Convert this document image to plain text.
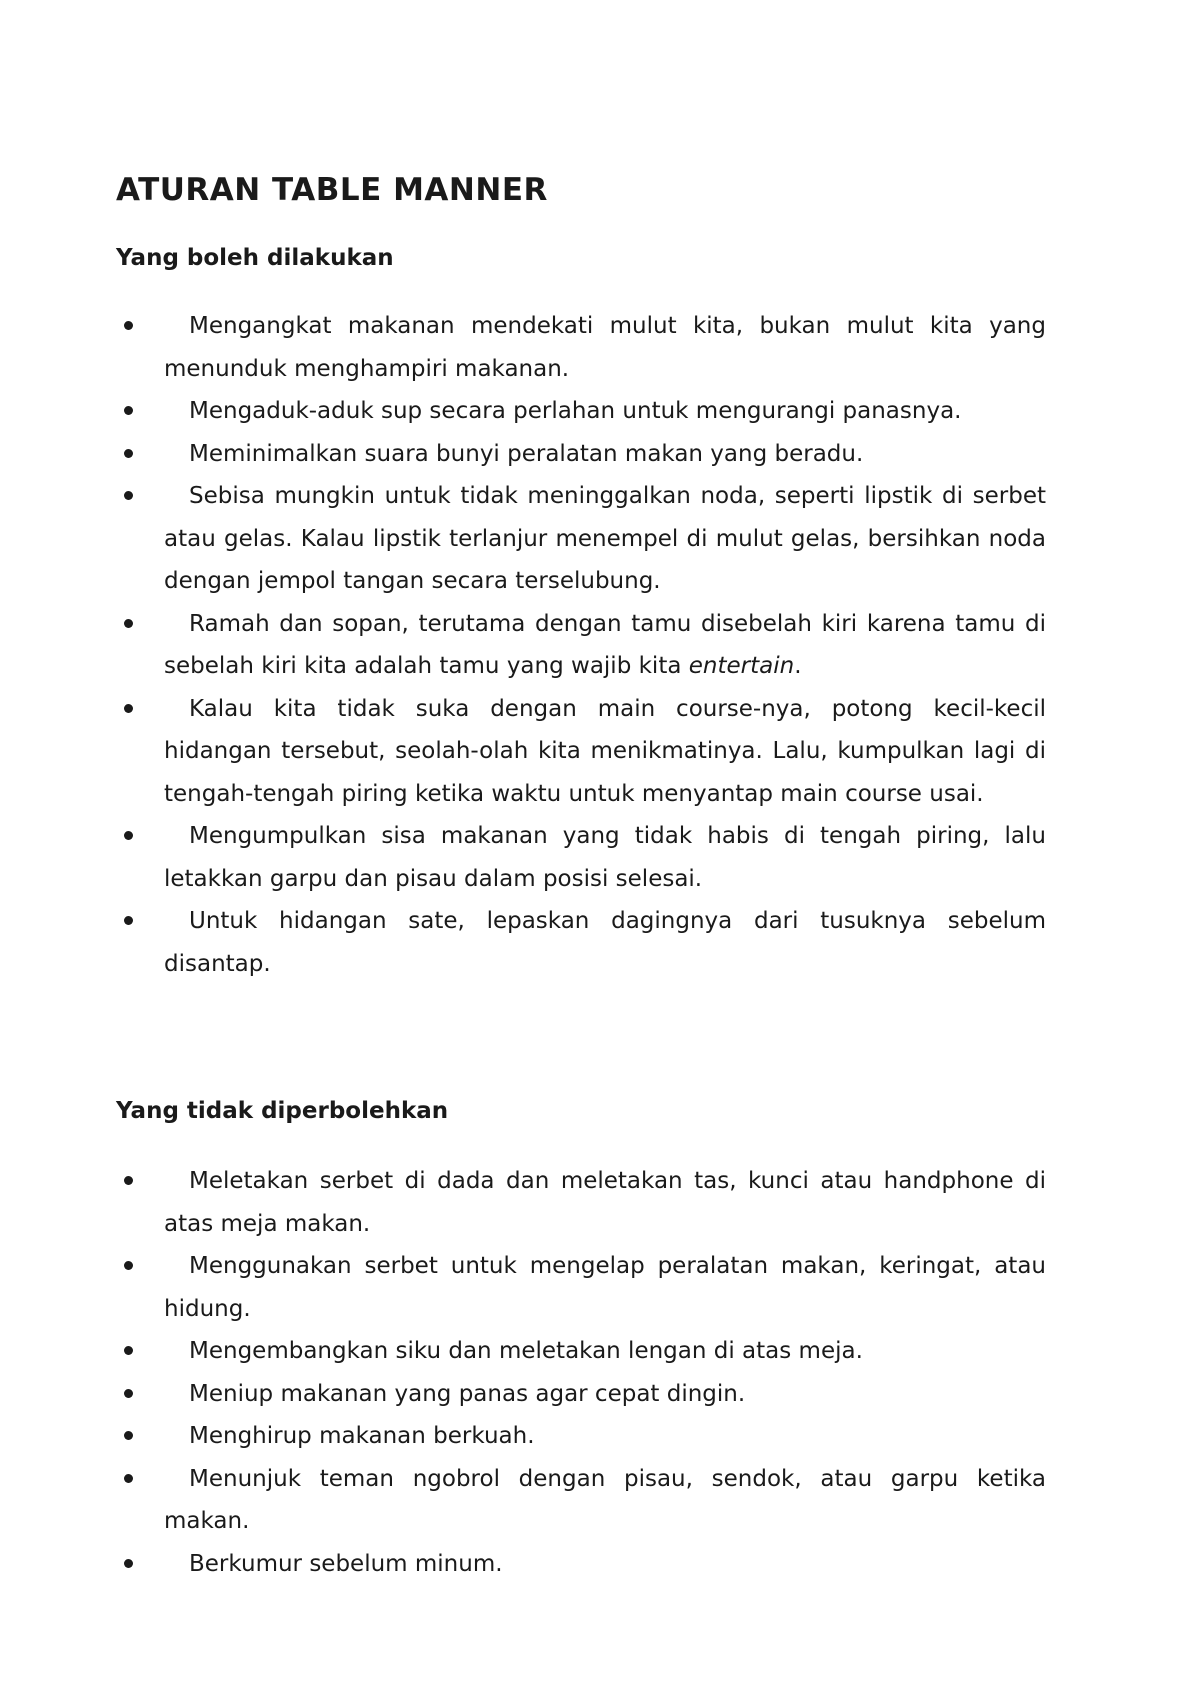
ATURAN TABLE MANNER
Yang boleh dilakukan
Mengangkat makanan mendekati mulut kita, bukan mulut kita yang menunduk menghampiri makanan.
Mengaduk-aduk sup secara perlahan untuk mengurangi panasnya.
Meminimalkan suara bunyi peralatan makan yang beradu.
Sebisa mungkin untuk tidak meninggalkan noda, seperti lipstik di serbet atau gelas. Kalau lipstik terlanjur menempel di mulut gelas, bersihkan noda dengan jempol tangan secara terselubung.
Ramah dan sopan, terutama dengan tamu disebelah kiri karena tamu di sebelah kiri kita adalah tamu yang wajib kita entertain.
Kalau kita tidak suka dengan main course-nya, potong kecil-kecil hidangan tersebut, seolah-olah kita menikmatinya. Lalu, kumpulkan lagi di tengah-tengah piring ketika waktu untuk menyantap main course usai.
Mengumpulkan sisa makanan yang tidak habis di tengah piring, lalu letakkan garpu dan pisau dalam posisi selesai.
Untuk hidangan sate, lepaskan dagingnya dari tusuknya sebelum disantap.
Yang tidak diperbolehkan
Meletakan serbet di dada dan meletakan tas, kunci atau handphone di atas meja makan.
Menggunakan serbet untuk mengelap peralatan makan, keringat, atau hidung.
Mengembangkan siku dan meletakan lengan di atas meja.
Meniup makanan yang panas agar cepat dingin.
Menghirup makanan berkuah.
Menunjuk teman ngobrol dengan pisau, sendok, atau garpu ketika makan.
Berkumur sebelum minum.
